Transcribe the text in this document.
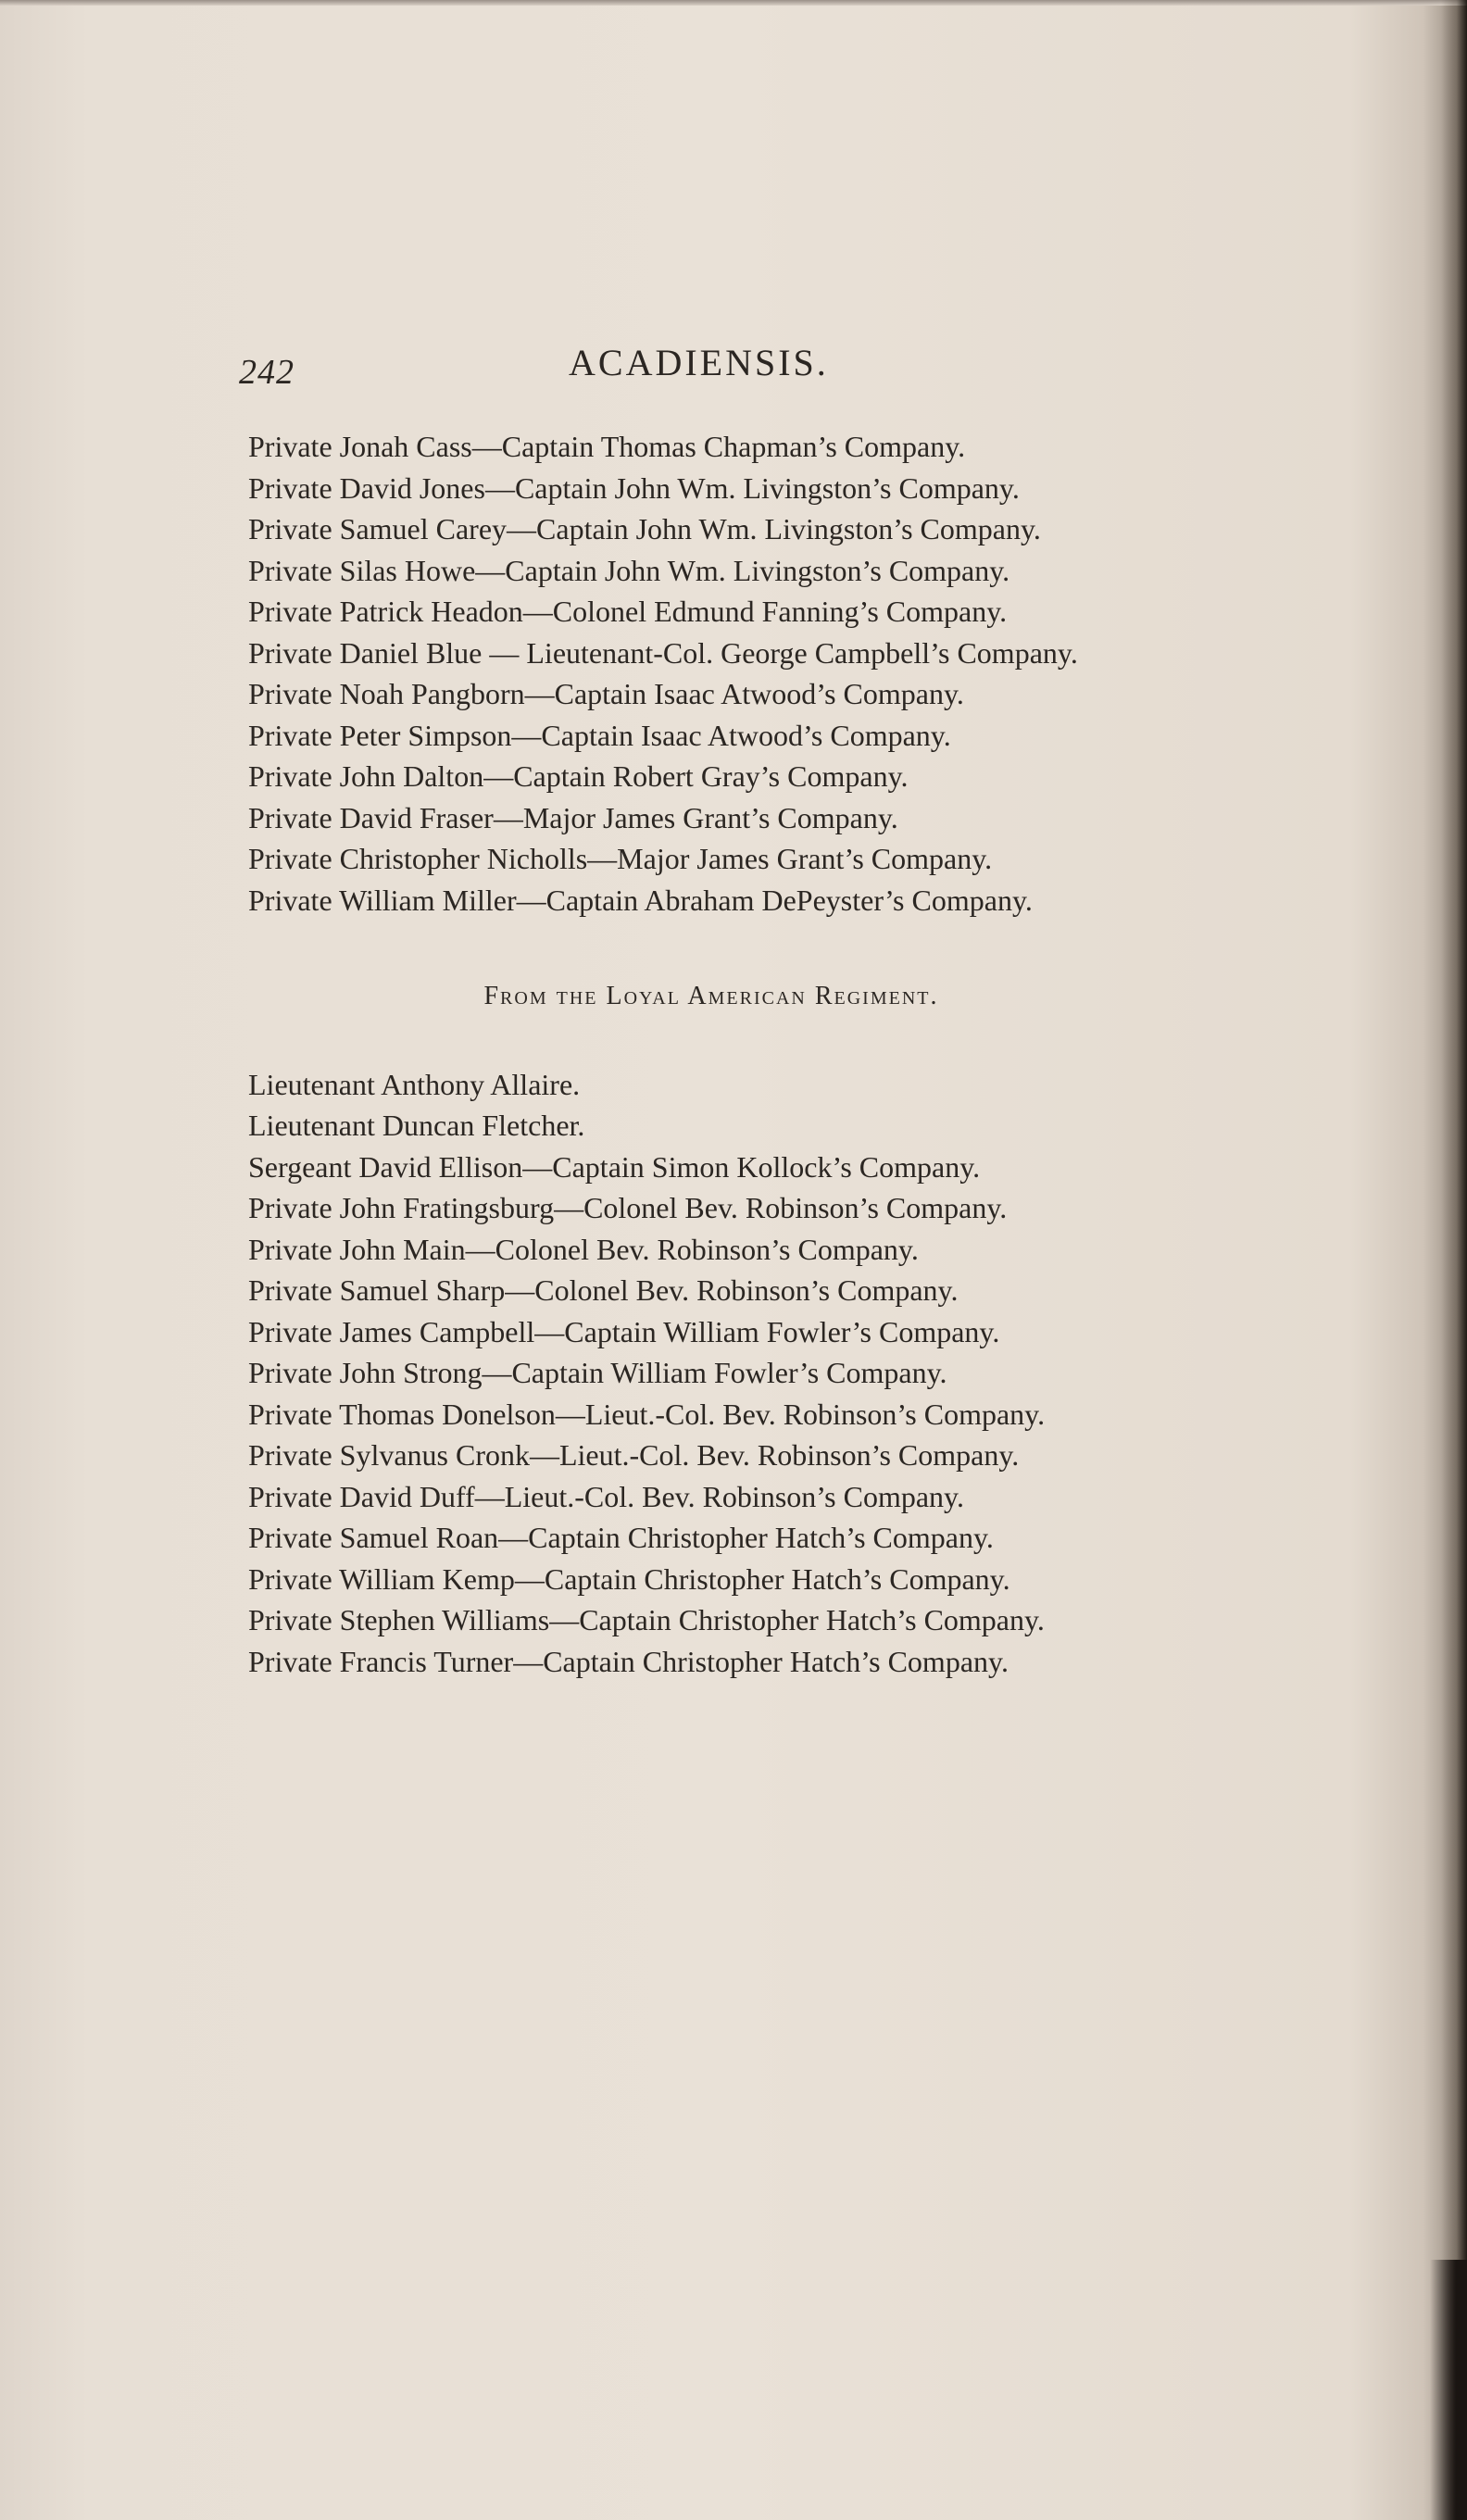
242	ACADIENSIS.

Private Jonah Cass—Captain Thomas Chapman’s Company.

Private David Jones—Captain John Wm. Livingston’s Company.

Private Samuel Carey—Captain John Wm. Livingston’s Company.

Private Silas Howe—Captain John Wm. Livingston’s Company.

Private Patrick Headon—Colonel Edmund Fanning’s Company.

Private Daniel Blue — Lieutenant-Col. George Campbell’s Company.

Private Noah Pangborn—Captain Isaac Atwood’s Company.

Private Peter Simpson—Captain Isaac Atwood’s Company.

Private John Dalton—Captain Robert Gray’s Company.

Private David Fraser—Major James Grant’s Company.

Private Christopher Nicholls—Major James Grant’s Company.

Private William Miller—Captain Abraham DePeyster’s Company.

From the Loyal American Regiment.

Lieutenant Anthony Allaire.

Lieutenant Duncan Fletcher.

Sergeant David Ellison—Captain Simon Kollock’s Company.

Private John Fratingsburg—Colonel Bev. Robinson’s Company.

Private John Main—Colonel Bev. Robinson’s Company.

Private Samuel Sharp—Colonel Bev. Robinson’s Company.

Private James Campbell—Captain William Fowler’s Company.

Private John Strong—Captain William Fowler’s Company.

Private Thomas Donelson—Lieut.-Col. Bev. Robinson’s Company.

Private Sylvanus Cronk—Lieut.-Col. Bev. Robinson’s Company.

Private David Duff—Lieut.-Col. Bev. Robinson’s Company.

Private Samuel Roan—Captain Christopher Hatch’s Company.

Private William Kemp—Captain Christopher Hatch’s Company.

Private Stephen Williams—Captain Christopher Hatch’s Company.

Private Francis Turner—Captain Christopher Hatch’s Company.
